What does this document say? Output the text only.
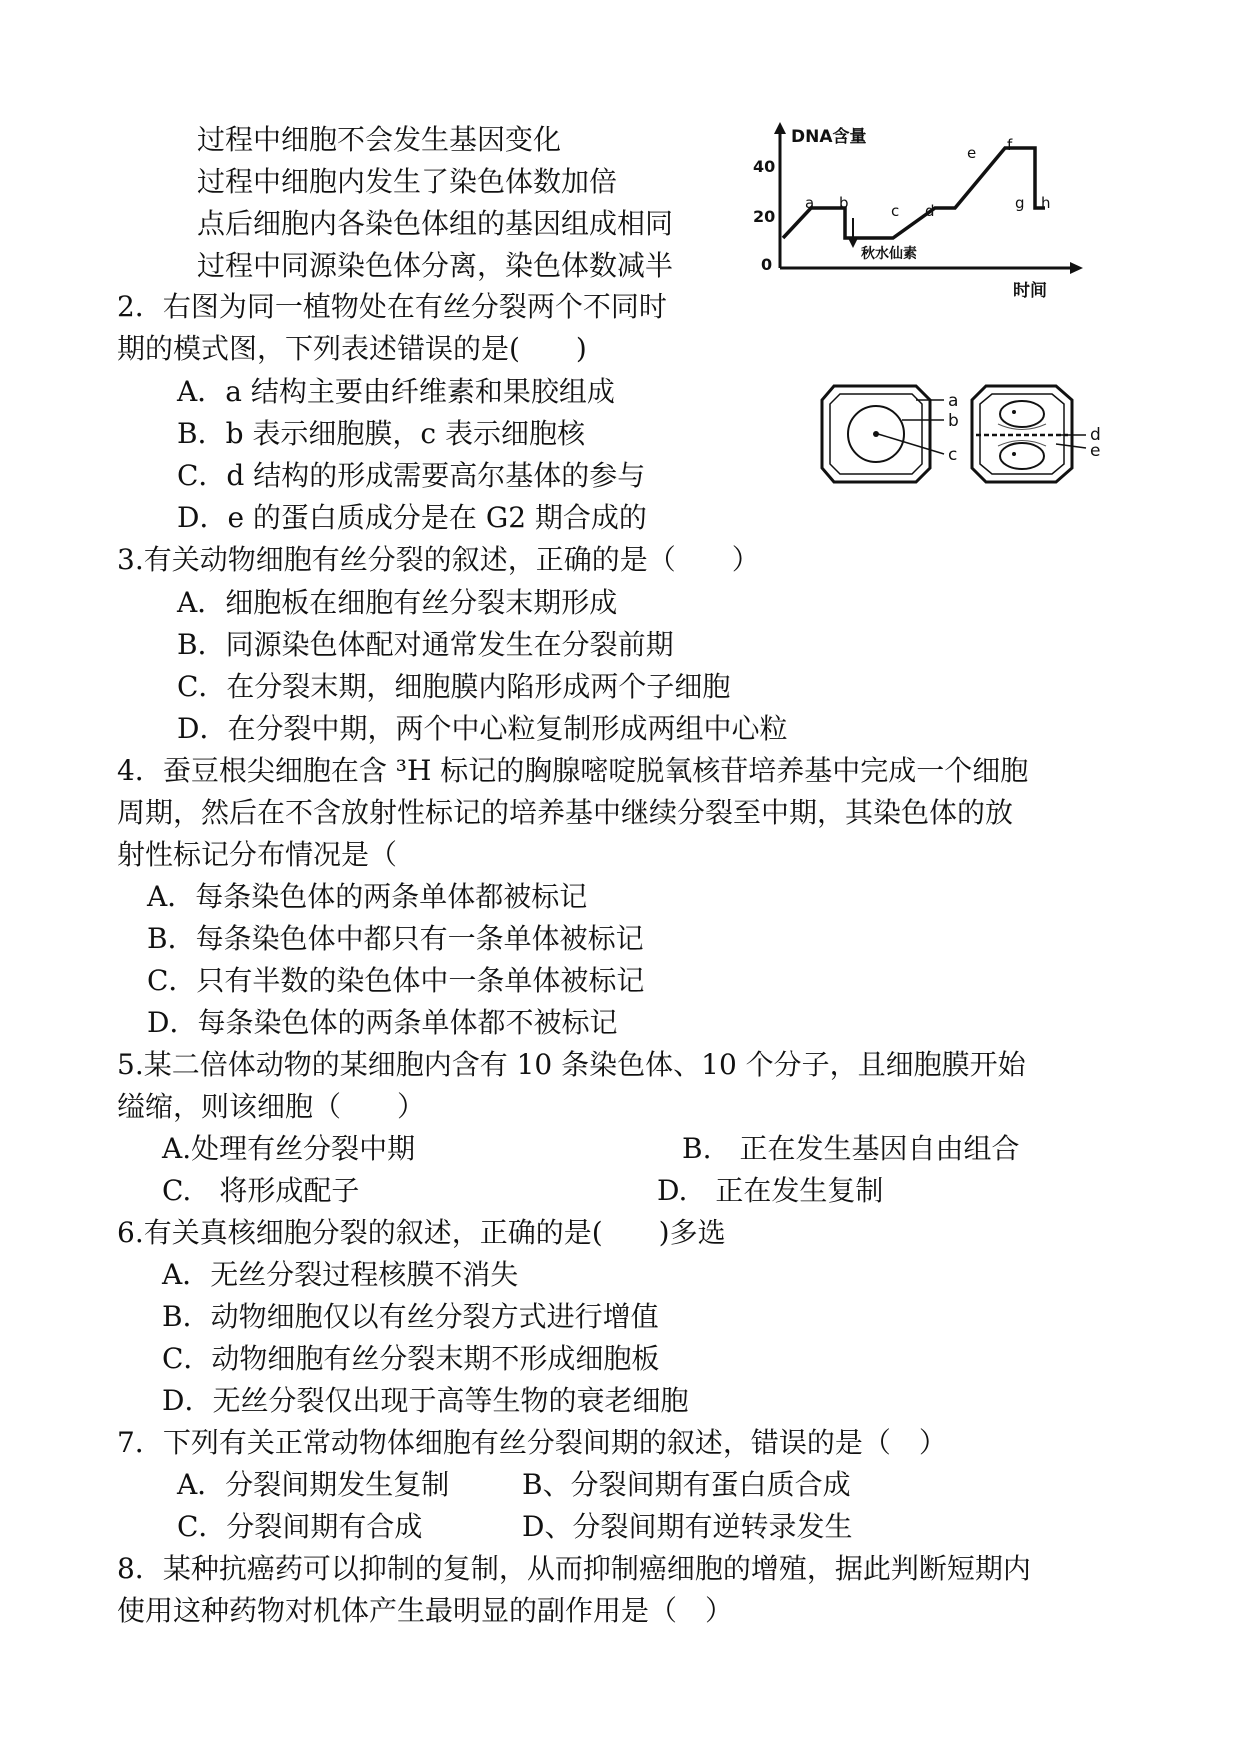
过程中细胞不会发生基因变化
过程中细胞内发生了染色体数加倍
点后细胞内各染色体组的基因组成相同
过程中同源染色体分离，染色体数减半
DNA含量
时间
40
20
0
a b	c d
e f
g h
秋水仙素
2．右图为同一植物处在有丝分裂两个不同时
期的模式图，下列表述错误的是(　　)
A．a 结构主要由纤维素和果胶组成
B．b 表示细胞膜，c 表示细胞核
C．d 结构的形成需要高尔基体的参与
D．e 的蛋白质成分是在 G2 期合成的
a
b
c
d
e
3.有关动物细胞有丝分裂的叙述，正确的是（　　）
A．细胞板在细胞有丝分裂末期形成
B．同源染色体配对通常发生在分裂前期
C．在分裂末期，细胞膜内陷形成两个子细胞
D．在分裂中期，两个中心粒复制形成两组中心粒
4．蚕豆根尖细胞在含 ³H 标记的胸腺嘧啶脱氧核苷培养基中完成一个细胞
周期，然后在不含放射性标记的培养基中继续分裂至中期，其染色体的放
射性标记分布情况是（
A．每条染色体的两条单体都被标记
B．每条染色体中都只有一条单体被标记
C．只有半数的染色体中一条单体被标记
D．每条染色体的两条单体都不被标记
5.某二倍体动物的某细胞内含有 10 条染色体、10 个分子，且细胞膜开始
缢缩，则该细胞（　　）
A.处理有丝分裂中期	B.　正在发生基因自由组合
C.　将形成配子	D.　正在发生复制
6.有关真核细胞分裂的叙述，正确的是(　　)多选
A．无丝分裂过程核膜不消失
B．动物细胞仅以有丝分裂方式进行增值
C．动物细胞有丝分裂末期不形成细胞板
D．无丝分裂仅出现于高等生物的衰老细胞
7．下列有关正常动物体细胞有丝分裂间期的叙述，错误的是（　）
A．分裂间期发生复制	B、分裂间期有蛋白质合成
C．分裂间期有合成	D、分裂间期有逆转录发生
8．某种抗癌药可以抑制的复制，从而抑制癌细胞的增殖，据此判断短期内
使用这种药物对机体产生最明显的副作用是（　）
